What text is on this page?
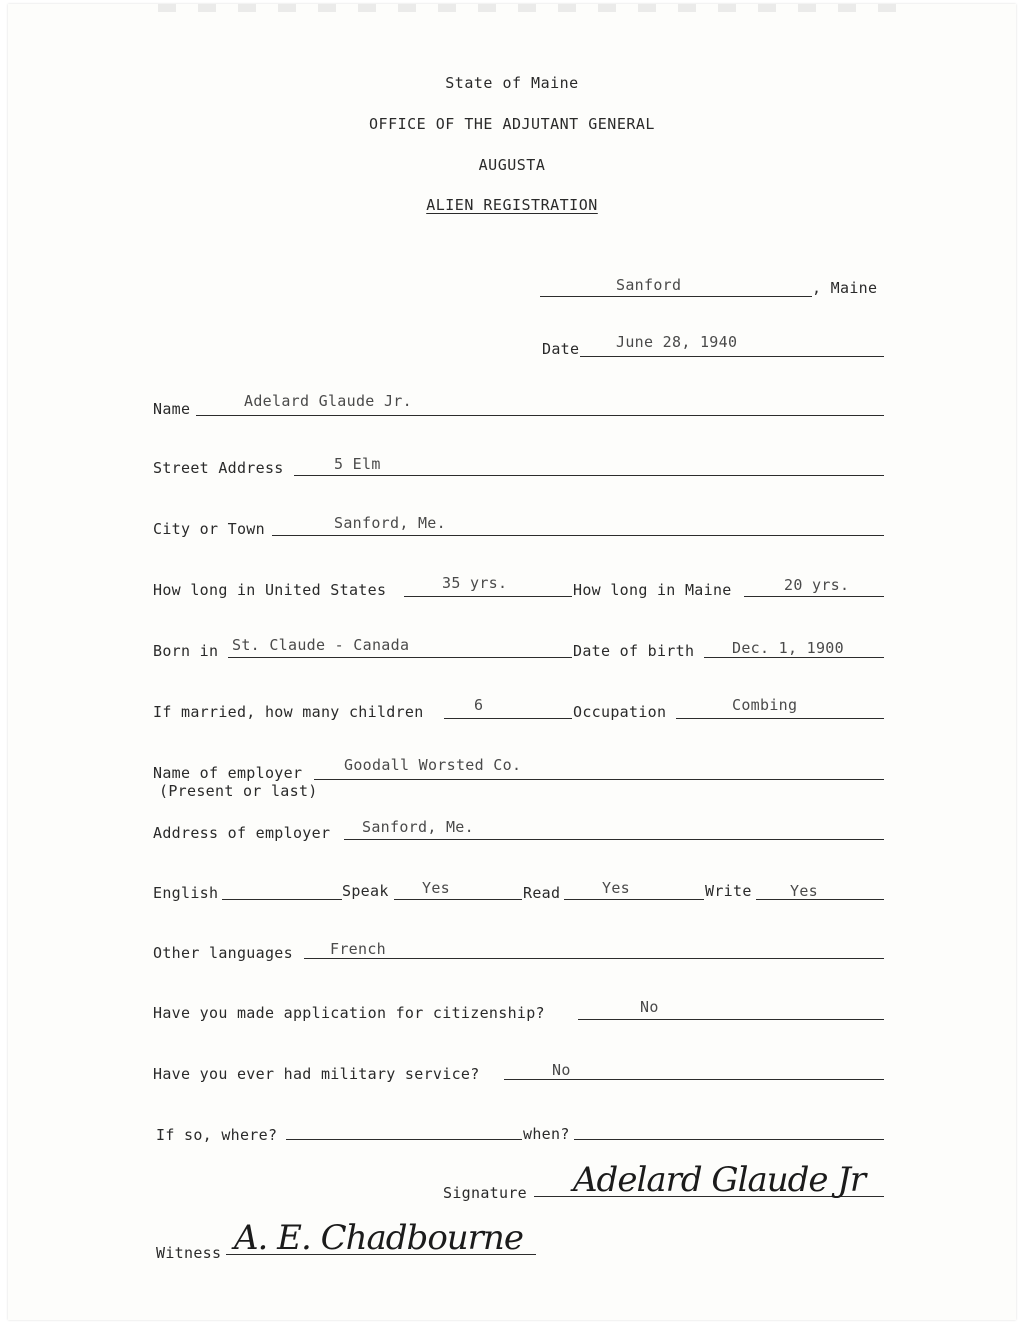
State of Maine
OFFICE OF THE ADJUTANT GENERAL
AUGUSTA
ALIEN REGISTRATION
Sanford	, Maine
Date June 28, 1940
Name	Adelard Glaude Jr.
Street Address	5 Elm
City or Town	Sanford, Me.
How long in United States	35 yrs.	How long in Maine	20 yrs.
Born in St. Claude - Canada	Date of birth	Dec. 1, 1900
If married, how many children	6	Occupation	Combing
Name of employer	Goodall Worsted Co.
(Present or last)
Address of employer Sanford, Me.
English	Speak Yes	Read	Yes	Write	Yes
Other languages French
Have you made application for citizenship?	No
Have you ever had military service?	No
If so, where?	when?
Signature Adelard Glaude Jr
Witness A. E. Chadbourne
